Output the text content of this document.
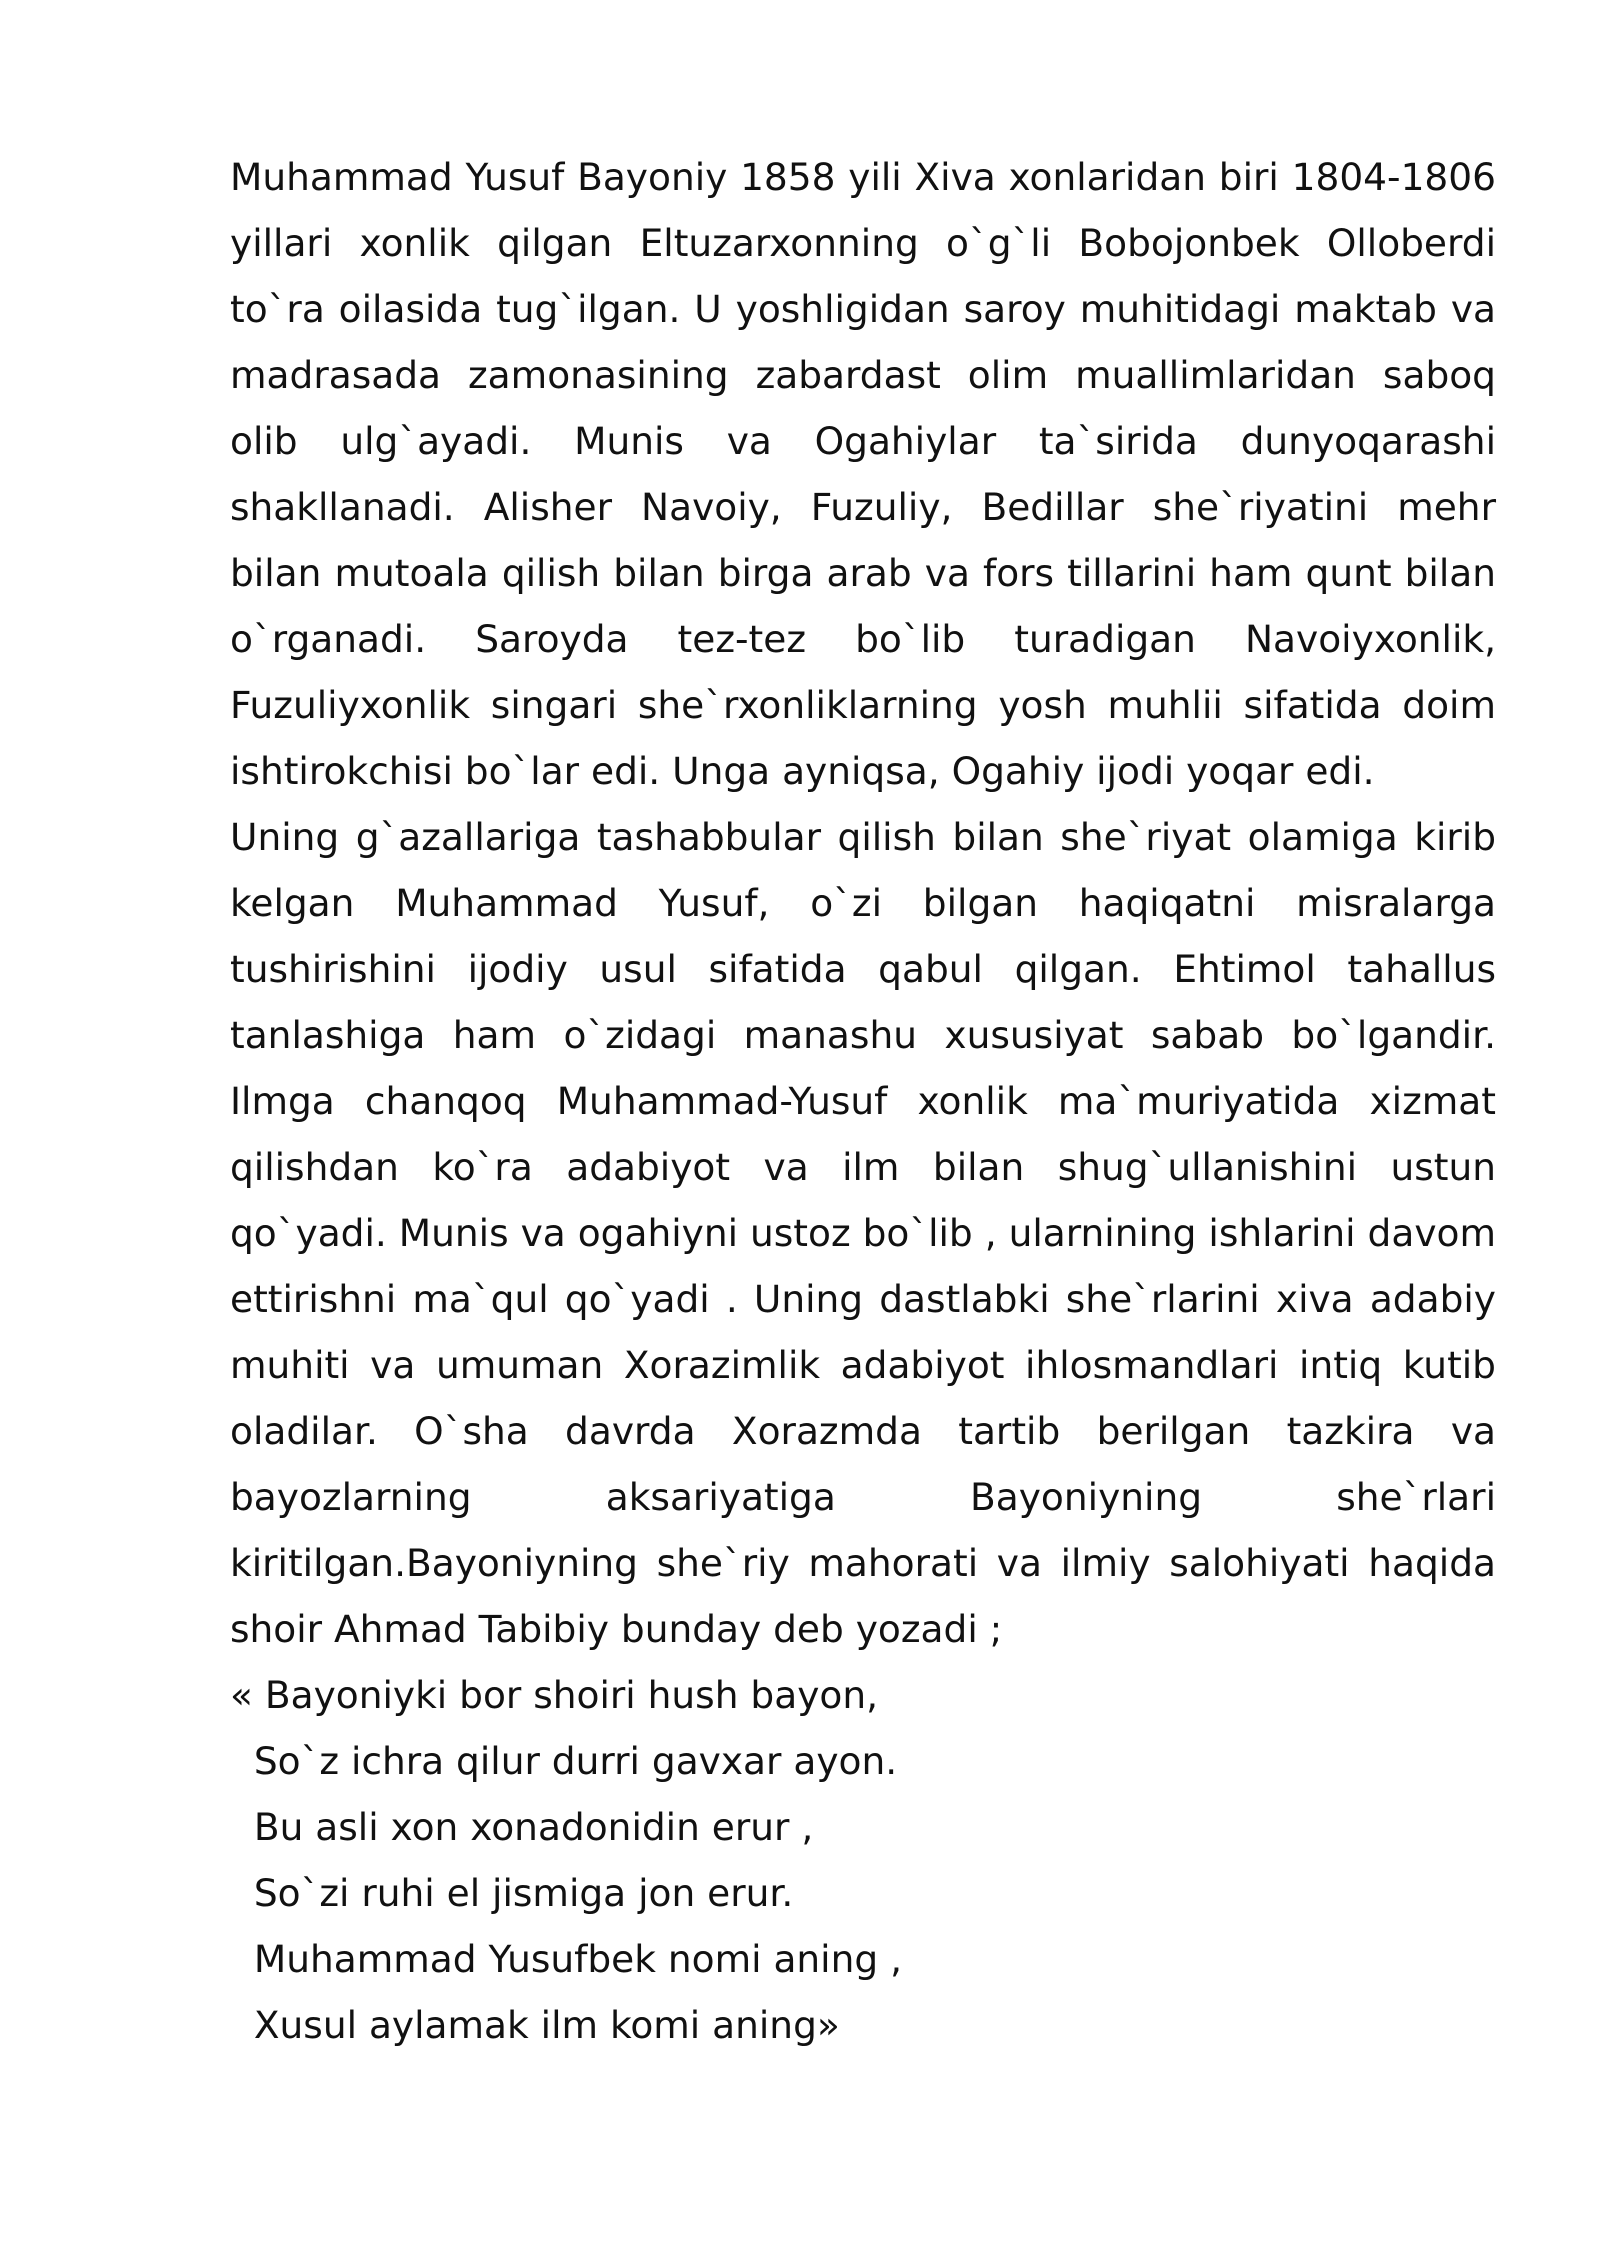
Muhammad Yusuf Bayoniy 1858 yili Xiva xonlaridan biri 1804-1806 yillari xonlik qilgan Eltuzarxonning o`g`li Bobojonbek Olloberdi to`ra oilasida tug`ilgan. U yoshligidan saroy muhitidagi maktab va madrasada zamonasining zabardast olim muallimlaridan saboq olib ulg`ayadi. Munis va Ogahiylar ta`sirida dunyoqarashi shakllanadi. Alisher Navoiy, Fuzuliy, Bedillar she`riyatini mehr bilan mutoala qilish bilan birga arab va fors tillarini ham qunt bilan o`rganadi. Saroyda tez-tez bo`lib turadigan Navoiyxonlik, Fuzuliyxonlik singari she`rxonliklarning yosh muhlii sifatida doim ishtirokchisi bo`lar edi. Unga ayniqsa, Ogahiy ijodi yoqar edi.

Uning g`azallariga tashabbular qilish bilan she`riyat olamiga kirib kelgan Muhammad Yusuf, o`zi bilgan haqiqatni misralarga tushirishini ijodiy usul sifatida qabul qilgan. Ehtimol tahallus tanlashiga ham o`zidagi manashu xususiyat sabab bo`lgandir. Ilmga chanqoq Muhammad-Yusuf xonlik ma`muriyatida xizmat qilishdan ko`ra adabiyot va ilm bilan shug`ullanishini ustun qo`yadi. Munis va ogahiyni ustoz bo`lib , ularnining ishlarini davom ettirishni ma`qul qo`yadi . Uning dastlabki she`rlarini xiva adabiy muhiti va umuman Xorazimlik adabiyot ihlosmandlari intiq kutib oladilar. O`sha davrda Xorazmda tartib berilgan tazkira va bayozlarning aksariyatiga Bayoniyning she`rlari kiritilgan.Bayoniyning she`riy mahorati va ilmiy salohiyati haqida shoir Ahmad Tabibiy bunday deb yozadi ;

« Bayoniyki bor shoiri hush bayon,

So`z ichra qilur durri gavxar ayon.

Bu asli xon xonadonidin erur ,

So`zi ruhi el jismiga jon erur.

Muhammad Yusufbek nomi aning ,

Xusul aylamak ilm komi aning»
